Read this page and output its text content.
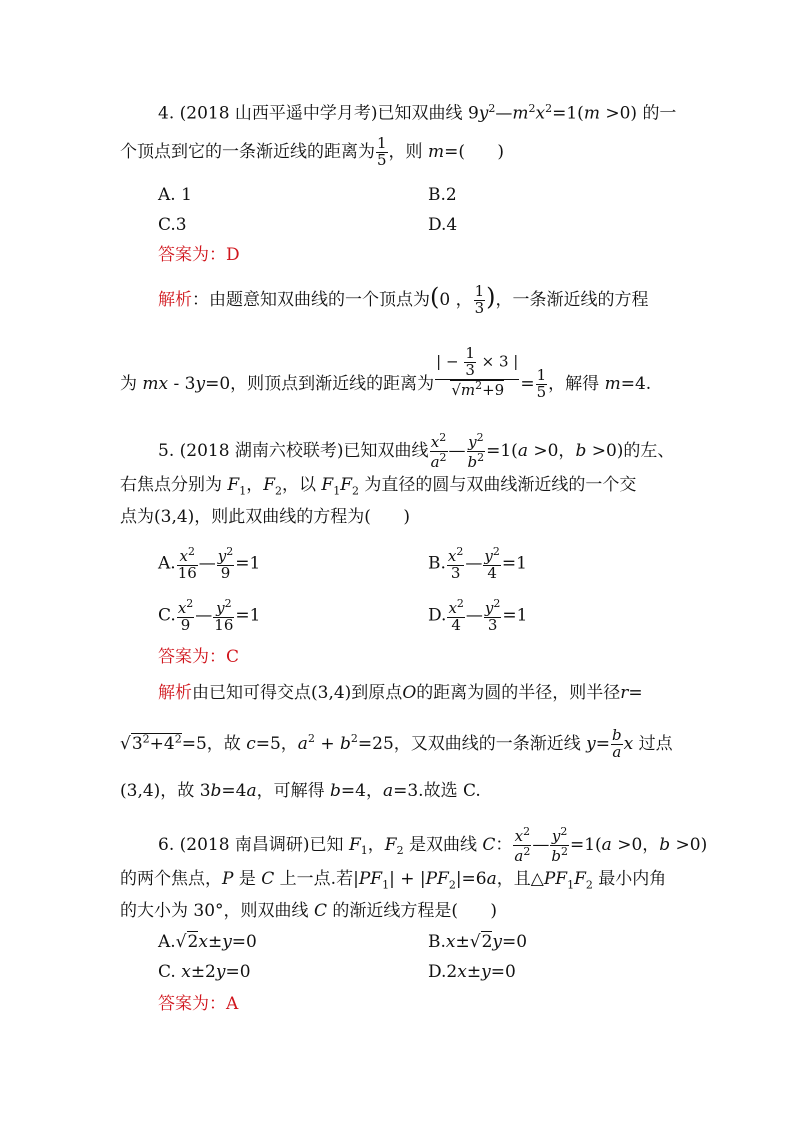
4. (2018 山西平遥中学月考)已知双曲线 $9y^2—m^2x^2=1(m >0)$ 的一
个顶点到它的一条渐近线的距离为 $\frac{1}{5}$ ，则 m=(      )
A. 1	B.2
C.3	D.4
答案为：D
解析：由题意知双曲线的一个顶点为(0 ， $\frac{1}{3}$ )，一条渐近线的方程
为 mx - 3y=0，则顶点到渐近线的距离为 $\frac{| - \frac{1}{3} \times 3 |}{√m^2+9} = \frac{1}{5}$ ，解得 m=4.
5. (2018 湖南六校联考)已知双曲线 $\frac{x^2}{a^2}$ — $\frac{y^2}{b^2} =1(a >0$，b >0)的左、
右焦点分别为 $F_1$，$F_2$，以 $F_1F_2$ 为直径的圆与双曲线渐近线的一个交
点为(3,4)，则此双曲线的方程为(      )
A. $\frac{x^2}{16}$ — $\frac{y^2}{9} =1$	B. $\frac{x^2}{3}$ — $\frac{y^2}{4} =1$
C. $\frac{x^2}{9}$ — $\frac{y^2}{16} =1$	D. $\frac{x^2}{4}$ — $\frac{y^2}{3} =1$
答案为：C
解析由已知可得交点(3,4)到原点O的距离为圆的半径，则半径r=
$√3^2+4^2=5$，故 c=5，$a^2 + b^2=25$，又双曲线的一条渐近线 $y= \frac{b}{a}$ x 过点
(3,4)，故 3b=4a，可解得 b=4，a=3.故选 C.
6. (2018 南昌调研)已知 $F_1$，$F_2$ 是双曲线 C： $\frac{x^2}{a^2}$ — $\frac{y^2}{b^2} =1(a >0$，b >0)
的两个焦点，P 是 C 上一点.若$|PF_1| + |PF_2|=6a$，且$\triangle PF_1F_2$ 最小内角
的大小为 30°，则双曲线 C 的渐近线方程是(      )
A.√2x±y=0	B.x±√2y=0
C. x±2y=0	D.2x±y=0
答案为：A
